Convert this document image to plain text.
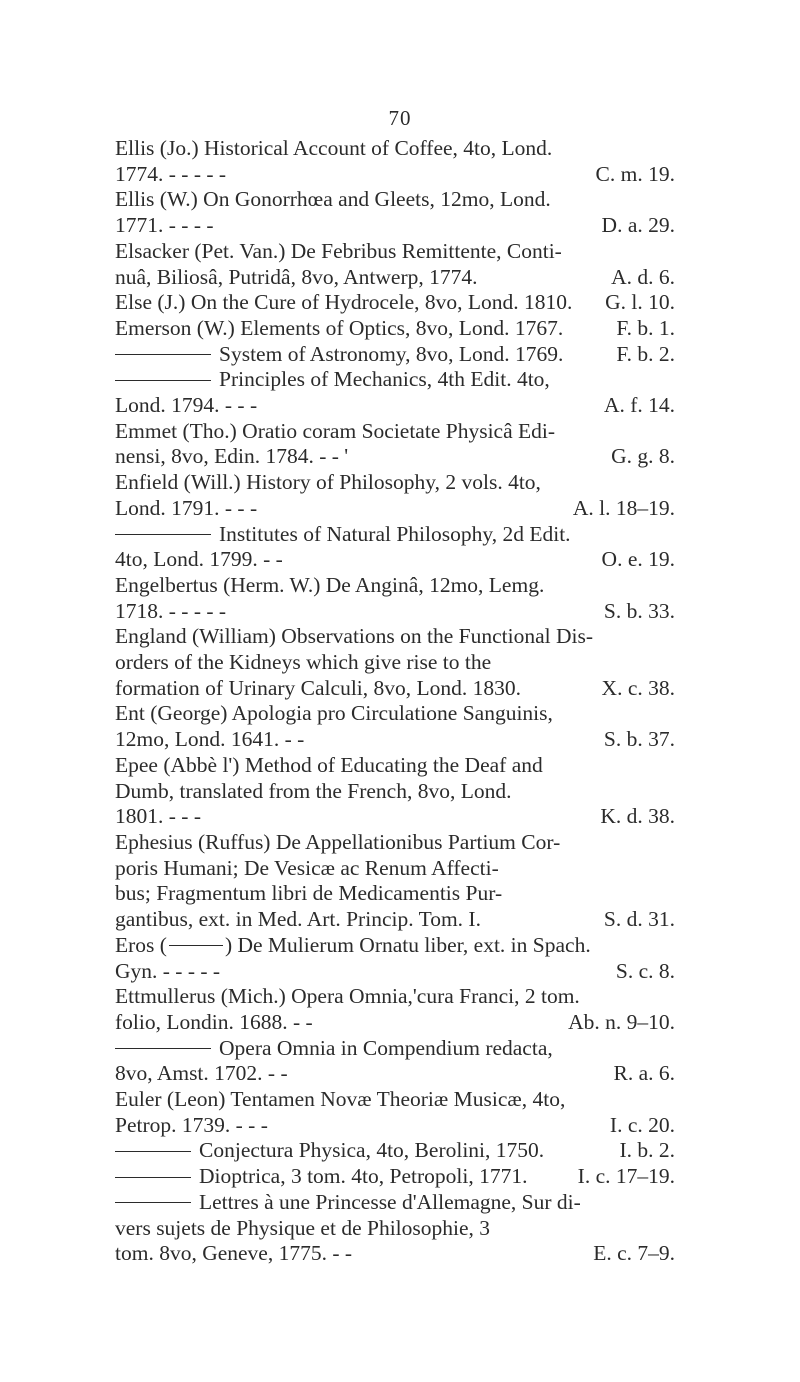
70
Ellis (Jo.) Historical Account of Coffee, 4to, Lond.
C. m. 19.
1774. - - - - -
Ellis (W.) On Gonorrhœa and Gleets, 12mo, Lond.
D. a. 29.
1771. - - - -
Elsacker (Pet. Van.) De Febribus Remittente, Conti-
A. d. 6.
nuâ, Biliosâ, Putridâ, 8vo, Antwerp, 1774.
G. l. 10.
Else (J.) On the Cure of Hydrocele, 8vo, Lond. 1810.
F. b. 1.
Emerson (W.) Elements of Optics, 8vo, Lond. 1767.
F. b. 2.
System of Astronomy, 8vo, Lond. 1769.
Principles of Mechanics, 4th Edit. 4to,
A. f. 14.
Lond. 1794. - - -
Emmet (Tho.) Oratio coram Societate Physicâ Edi-
G. g. 8.
nensi, 8vo, Edin. 1784. - - '
Enfield (Will.) History of Philosophy, 2 vols. 4to,
A. l. 18–19.
Lond. 1791. - - -
Institutes of Natural Philosophy, 2d Edit.
O. e. 19.
4to, Lond. 1799. - -
Engelbertus (Herm. W.) De Anginâ, 12mo, Lemg.
S. b. 33.
1718. - - - - -
England (William) Observations on the Functional Dis-
orders of the Kidneys which give rise to the
X. c. 38.
formation of Urinary Calculi, 8vo, Lond. 1830.
Ent (George) Apologia pro Circulatione Sanguinis,
S. b. 37.
12mo, Lond. 1641. - -
Epee (Abbè l') Method of Educating the Deaf and
Dumb, translated from the French, 8vo, Lond.
K. d. 38.
1801. - - -
Ephesius (Ruffus) De Appellationibus Partium Cor-
poris Humani; De Vesicæ ac Renum Affecti-
bus; Fragmentum libri de Medicamentis Pur-
S. d. 31.
gantibus, ext. in Med. Art. Princip. Tom. I.
Eros (	) De Mulierum Ornatu liber, ext. in Spach.
S. c. 8.
Gyn. - - - - -
Ettmullerus (Mich.) Opera Omnia,'cura Franci, 2 tom.
Ab. n. 9–10.
folio, Londin. 1688. - -
Opera Omnia in Compendium redacta,
R. a. 6.
8vo, Amst. 1702. - -
Euler (Leon) Tentamen Novæ Theoriæ Musicæ, 4to,
I. c. 20.
Petrop. 1739. - - -
I. b. 2.
Conjectura Physica, 4to, Berolini, 1750.
I. c. 17–19.
Dioptrica, 3 tom. 4to, Petropoli, 1771.
Lettres à une Princesse d'Allemagne, Sur di-
vers sujets de Physique et de Philosophie, 3
E. c. 7–9.
tom. 8vo, Geneve, 1775. - -
